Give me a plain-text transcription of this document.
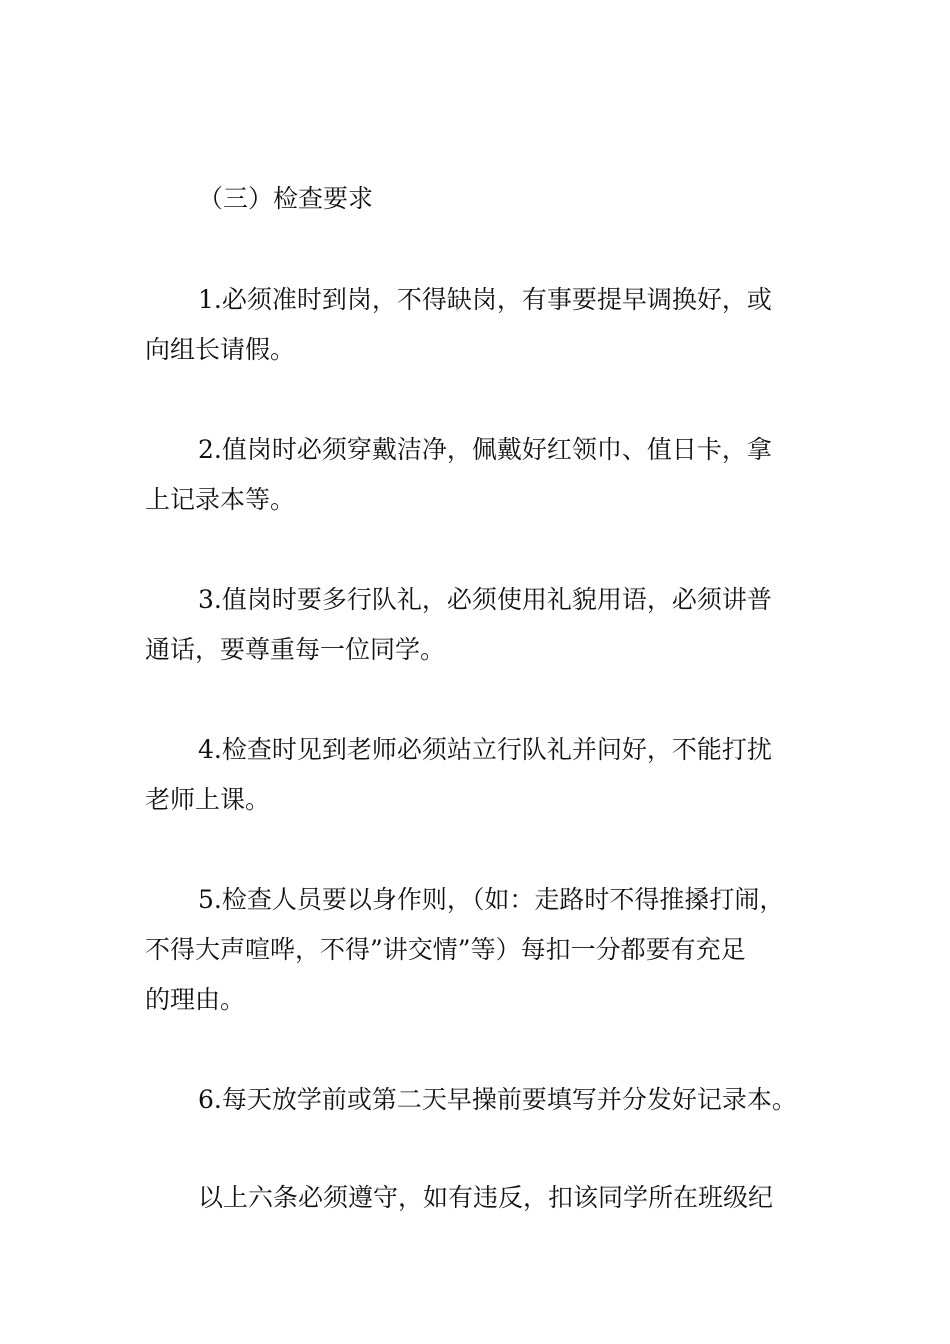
（三）检查要求

1.必须准时到岗，不得缺岗，有事要提早调换好，或

向组长请假。

2.值岗时必须穿戴洁净，佩戴好红领巾、值日卡，拿

上记录本等。

3.值岗时要多行队礼，必须使用礼貌用语，必须讲普

通话，要尊重每一位同学。

4.检查时见到老师必须站立行队礼并问好，不能打扰

老师上课。

5.检查人员要以身作则，（如：走路时不得推搡打闹，

不得大声喧哗，不得”讲交情”等）每扣一分都要有充足

的理由。

6.每天放学前或第二天早操前要填写并分发好记录本。

以上六条必须遵守，如有违反，扣该同学所在班级纪
